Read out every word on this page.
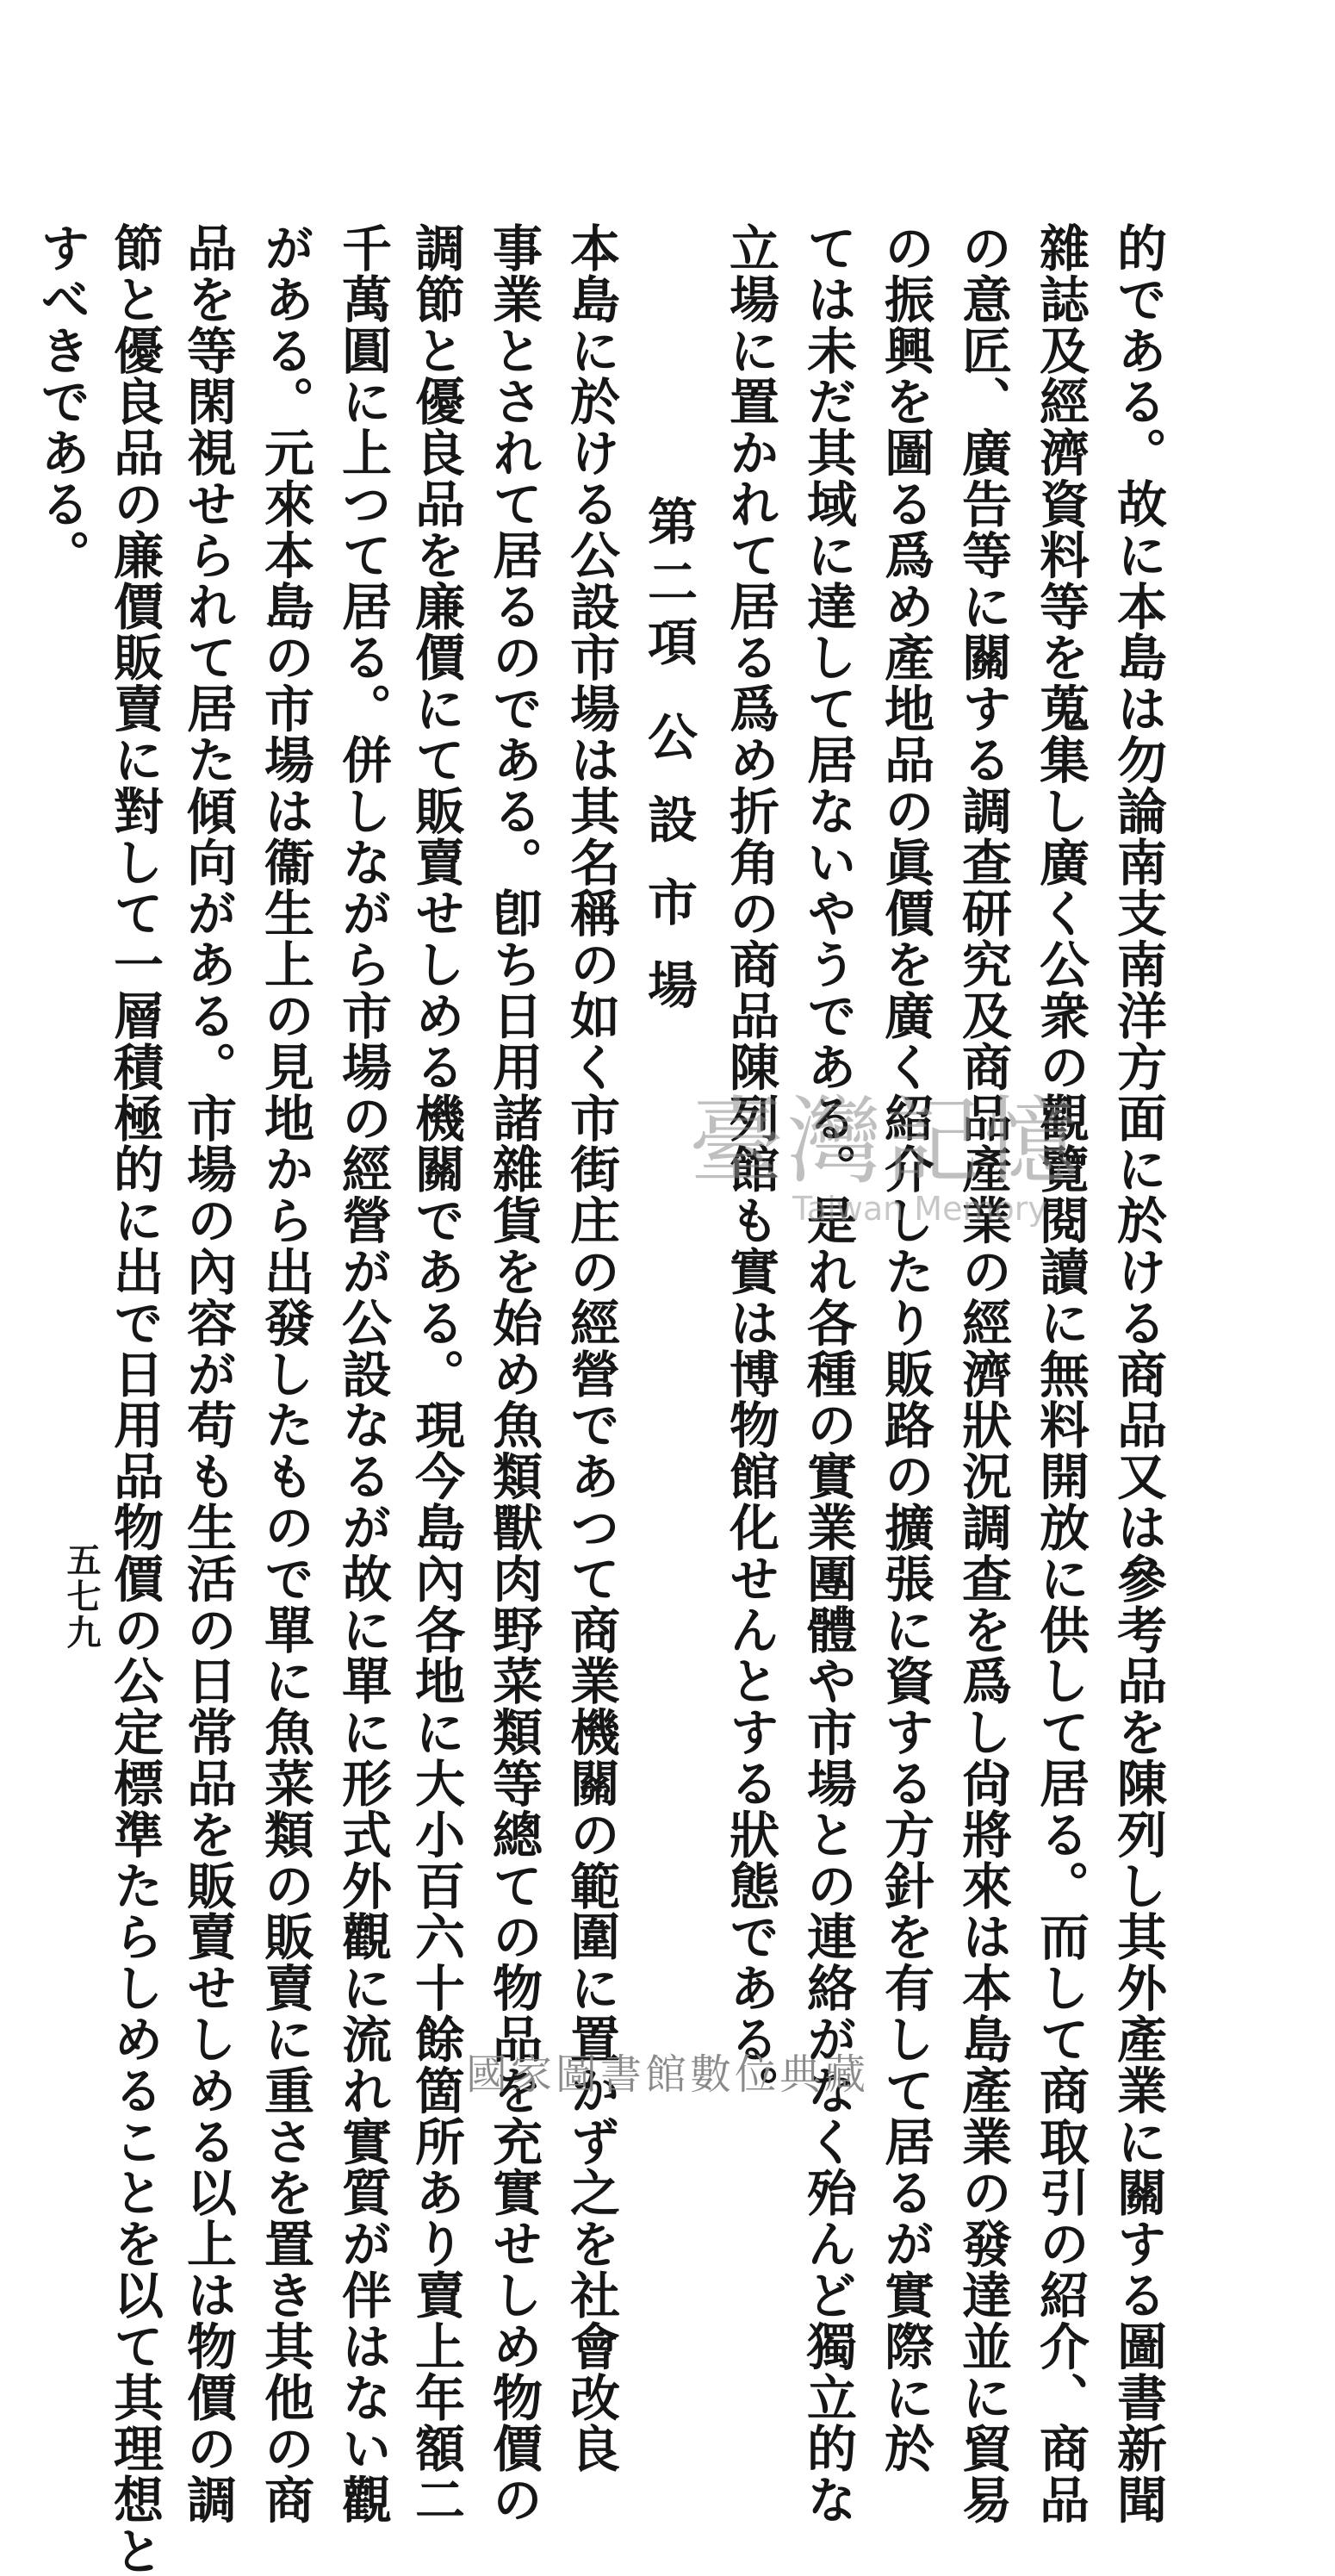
的である。故に本島は勿論南支南洋方面に於ける商品又は參考品を陳列し其外產業に關する圖書新聞
雜誌及經濟資料等を蒐集し廣く公衆の觀覽閱讀に無料開放に供して居る。而して商取引の紹介、商品
の意匠、廣告等に關する調查研究及商品產業の經濟狀況調查を爲し尙將來は本島產業の發達並に貿易
の振興を圖る爲め產地品の眞價を廣く紹介したり販路の擴張に資する方針を有して居るが實際に於
ては未だ其域に達して居ないやうである。是れ各種の實業團體や市場との連絡がなく殆んど獨立的な
立場に置かれて居る爲め折角の商品陳列館も實は博物館化せんとする狀態である。
第二項公設市場
本島に於ける公設市場は其名稱の如く市街庄の經營であつて商業機關の範圍に置かず之を社會改良
事業とされて居るのである。卽ち日用諸雜貨を始め魚類獸肉野菜類等總ての物品を充實せしめ物價の
調節と優良品を廉價にて販賣せしめる機關である。現今島內各地に大小百六十餘箇所あり賣上年額二
千萬圓に上つて居る。併しながら市場の經營が公設なるが故に單に形式外觀に流れ實質が伴はない觀
がある。元來本島の市場は衞生上の見地から出發したもので單に魚菜類の販賣に重さを置き其他の商
品を等閑視せられて居た傾向がある。市場の內容が苟も生活の日常品を販賣せしめる以上は物價の調
節と優良品の廉價販賣に對して一層積極的に出で日用品物價の公定標準たらしめることを以て其理想と
すべきである。
五七九
臺灣記憶
Taiwan Memory
國家圖書館數位典藏
